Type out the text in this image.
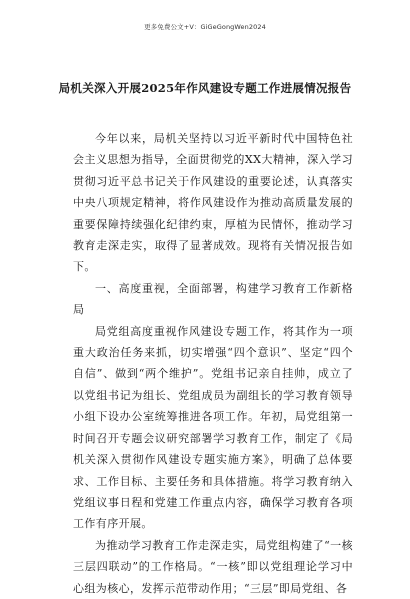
更多免费公文+V：GiGeGongWen2024
局机关深入开展2025年作风建设专题工作进展情况报告

今年以来，局机关坚持以习近平新时代中国特色社会主义思想为指导，全面贯彻党的XX大精神，深入学习贯彻习近平总书记关于作风建设的重要论述，认真落实中央八项规定精神，将作风建设作为推动高质量发展的重要保障持续强化纪律约束，厚植为民情怀，推动学习教育走深走实，取得了显著成效。现将有关情况报告如下。

一、高度重视，全面部署，构建学习教育工作新格局

局党组高度重视作风建设专题工作，将其作为一项重大政治任务来抓，切实增强“四个意识”、坚定“四个自信”、做到“两个维护”。党组书记亲自挂帅，成立了以党组书记为组长、党组成员为副组长的学习教育领导小组下设办公室统筹推进各项工作。年初，局党组第一时间召开专题会议研究部署学习教育工作，制定了《局机关深入贯彻作风建设专题实施方案》，明确了总体要求、工作目标、主要任务和具体措施。将学习教育纳入党组议事日程和党建工作重点内容，确保学习教育各项工作有序开展。

为推动学习教育工作走深走实，局党组构建了“一核三层四联动”的工作格局。“一核”即以党组理论学习中心组为核心，发挥示范带动作用；“三层”即局党组、各
